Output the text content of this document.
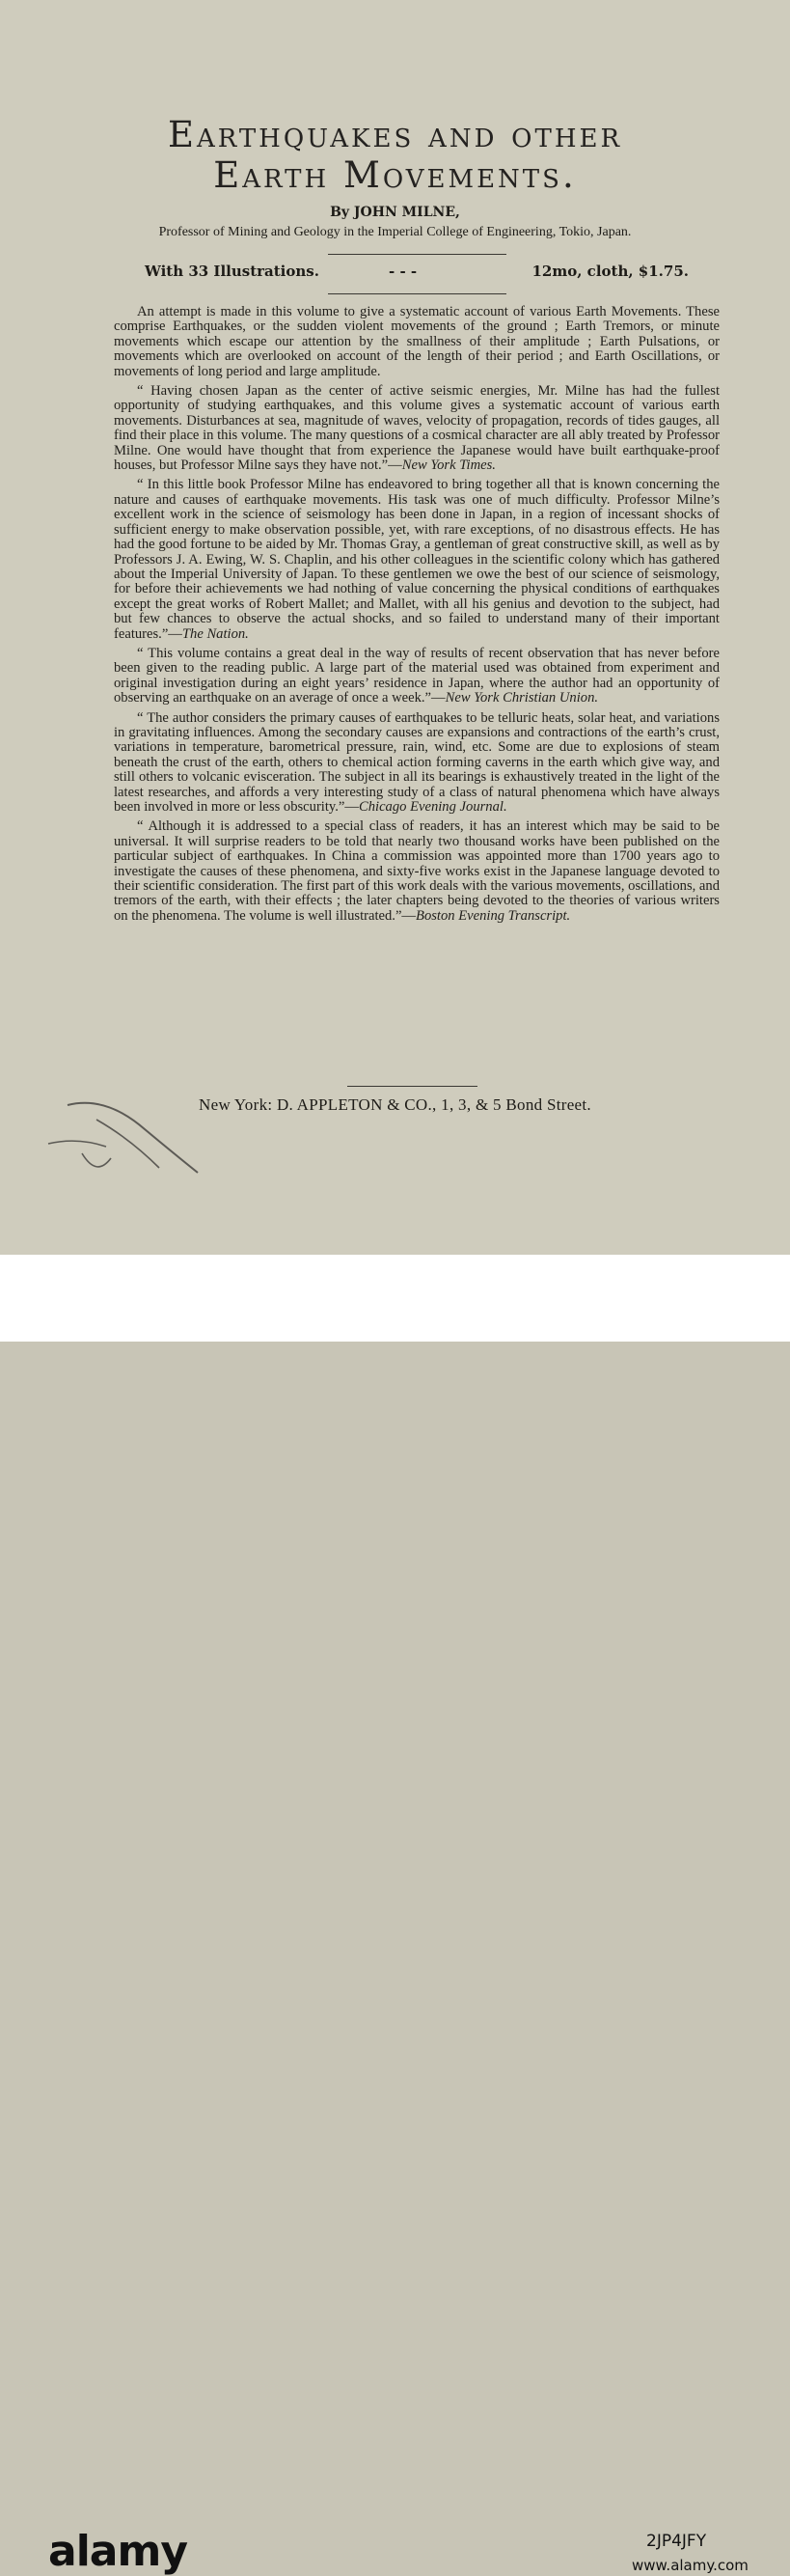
Earthquakes and other
Earth Movements.
By JOHN MILNE,
Professor of Mining and Geology in the Imperial College of Engineering, Tokio, Japan.
With 33 Illustrations.	- - -	12mo, cloth, $1.75.

An attempt is made in this volume to give a systematic account of various Earth Movements. These comprise Earthquakes, or the sudden violent movements of the ground ; Earth Tremors, or minute movements which escape our attention by the smallness of their amplitude ; Earth Pulsations, or movements which are overlooked on account of the length of their period ; and Earth Oscillations, or movements of long period and large amplitude.

“ Having chosen Japan as the center of active seismic energies, Mr. Milne has had the fullest opportunity of studying earthquakes, and this volume gives a systematic account of various earth movements. Disturbances at sea, magnitude of waves, velocity of propagation, records of tides gauges, all find their place in this volume. The many questions of a cosmical character are all ably treated by Professor Milne. One would have thought that from experience the Japanese would have built earthquake-proof houses, but Professor Milne says they have not.”—New York Times.

“ In this little book Professor Milne has endeavored to bring together all that is known concerning the nature and causes of earthquake movements. His task was one of much difficulty. Professor Milne’s excellent work in the science of seismology has been done in Japan, in a region of incessant shocks of sufficient energy to make observation possible, yet, with rare exceptions, of no disastrous effects. He has had the good fortune to be aided by Mr. Thomas Gray, a gentleman of great constructive skill, as well as by Professors J. A. Ewing, W. S. Chaplin, and his other colleagues in the scientific colony which has gathered about the Imperial University of Japan. To these gentlemen we owe the best of our science of seismology, for before their achievements we had nothing of value concerning the physical conditions of earthquakes except the great works of Robert Mallet; and Mallet, with all his genius and devotion to the subject, had but few chances to observe the actual shocks, and so failed to understand many of their important features.”—The Nation.

“ This volume contains a great deal in the way of results of recent observation that has never before been given to the reading public. A large part of the material used was obtained from experiment and original investigation during an eight years’ residence in Japan, where the author had an opportunity of observing an earthquake on an average of once a week.”—New York Christian Union.

“ The author considers the primary causes of earthquakes to be telluric heats, solar heat, and variations in gravitating influences. Among the secondary causes are expansions and contractions of the earth’s crust, variations in temperature, barometrical pressure, rain, wind, etc. Some are due to explosions of steam beneath the crust of the earth, others to chemical action forming caverns in the earth which give way, and still others to volcanic evisceration. The subject in all its bearings is exhaustively treated in the light of the latest researches, and affords a very interesting study of a class of natural phenomena which have always been involved in more or less obscurity.”—Chicago Evening Journal.

“ Although it is addressed to a special class of readers, it has an interest which may be said to be universal. It will surprise readers to be told that nearly two thousand works have been published on the particular subject of earthquakes. In China a commission was appointed more than 1700 years ago to investigate the causes of these phenomena, and sixty-five works exist in the Japanese language devoted to their scientific consideration. The first part of this work deals with the various movements, oscillations, and tremors of the earth, with their effects ; the later chapters being devoted to the theories of various writers on the phenomena. The volume is well illustrated.”—Boston Evening Transcript.

New York: D. APPLETON & CO., 1, 3, & 5 Bond Street.
alamy	2JP4JFY
www.alamy.com
